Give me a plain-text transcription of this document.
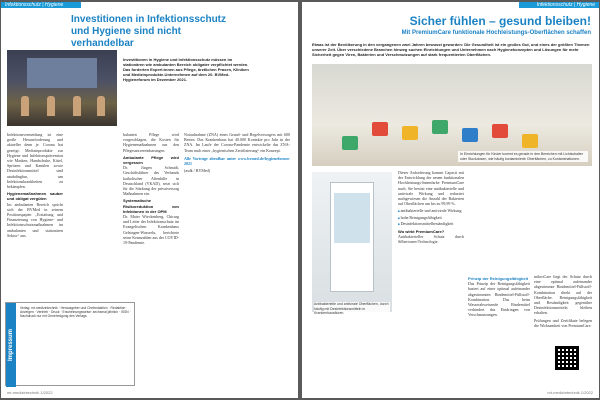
Infektionsschutz | Hygiene
Investitionen in Infektionsschutz und Hygiene sind nicht verhandelbar
Investitionen in Hygiene und Infektionsschutz müssen im stationären wie ambulanten Bereich obligater verpflichtet werden. Das forderten Expert:innen aus Pflege, ärztlichen Praxen, Kliniken und Medizinprodukte-Unternehmen auf dem 20. BVMed-Hygieneforum im Dezember 2021.
Infektionsvermeidung ist eine große Herausforderung und aktueller denn je. Corona hat gezeigt: Medizinprodukte zur Hygiene und Infektionsprävention wie Masken, Handschuhe, Kittel, Spritzen und Kanülen sowie Desinfektionsmittel sind unabdingbar, um Infektionskrankheiten zu bekämpfen.
Hygienemaßnahmen sauber und obligat vergüten
Im ambulanten Bereich spricht sich der BVMed in seinem Positionspapier „Erstattung und Finanzierung von Hygiene- und Infektionsschutzmaßnahmen im ambulanten und stationären Sektor“ aus.
bulanten Pflege wird vorgeschlagen, die Kosten für Hygienemaßnahmen aus den Pflegesatzvereinbarungen.
Ambulante Pflege wird vergessen
Dr. Jürgen Schmidt, Geschäftsführer des Verbands katholischer Altenhilfe in Deutschland (VKAD), setzt sich für die Stärkung der privatversorg Maßnahmen ein.
Systematische Risikoreduktion von Infektionen in der OPM
Dr. Maier Wieckenberg, Chirurg und Leiter der Infektionsschutz im Evangelischen Krankenhaus Gelsingen-Wasserlu, berichtete seine Kennzahlen aus der COVID-19-Pandemie.
Notaufnahme (ZNA) eines Grund- und Regelversorgers mit 600 Betten. Das Krankenhaus hat 40.000 Kontakte pro Jahr in der ZNA. Im Laufe der Corona-Pandemie entwickelte das ZNA-Team nach einer „hygienischen Zertifizierung“ ein Konzept.
Alle Vorträge abrufbar unter www.bvmed.de/hygieneforum-2021
(asdk / BVMed)
Impressum
Verlag: mt-medizintechnik · Herausgeber und Chefredaktion · Redaktion · Anzeigen · Vertrieb · Druck · Erscheinungsweise: sechsmal jährlich · ISSN · Nachdruck nur mit Genehmigung des Verlags.
mt-medizintechnik 1/2022
Infektionsschutz | Hygiene
Sicher fühlen – gesund bleiben!
Mit PremiumCare funktionale Hochleistungs-Oberflächen schaffen
Etwas ist der Bevölkerung in den vergangenen zwei Jahren bewusst geworden: Die Gesundheit ist ein großes Gut, und eines der größten Themen unserer Zeit. Über verschiedene Branchen hinweg suchen Einrichtungen und Unternehmen nach Hygienekonzepten und Lösungen für mehr Sicherheit gegen Viren, Bakterien und Verschmutzungen auf stark frequentierten Oberflächen.
In Einrichtungen für Kinder kommt es gerade in den Bereichen mit Lichtschalter oder Stockdosen, wie häufig kontaminierte Oberflächen, zu Kontaminationen.
Antibakterielle und antivirale Oberflächen, durch häufig mit Desinfektionsmitteln in Krankenhausfluren.
Dieser Anforderung kommt Capacit mit der Entwicklung der neuen funktionalen Hochleistungs-Innenfarbe PremiumCare nach. Sie besitzt eine antibakterielle und antivirale Wirkung und reduziert nachgewiesen die Anzahl der Bakterien auf Oberflächen um bis zu 99,99 %.
■ antibakterielle und antivirale Wirkung
■ hohe Reinigungsfähigkeit
■ Desinfektionsmittelbeständigkeit
Wo wirkt PremiumCare?
Antibakterieller Schutz durch Silberionen-Technologie.
Prinzip der Reinigungsfähigkeit
Das Prinzip der Reinigungsfähigkeit basiert auf einer optimal aufeinander abgestimmten Bindemittel-Füllstoff-Kombination. Das beim Wasserabweisende Bindemittel verhindert das Eindringen von Verschmutzungen.
mikroCare liegt der Schutz durch eine optimal aufeinander abgestimmte Bindemittel-Füllstoff-Kombination direkt auf der Oberfläche. Reinigungsfähigkeit und Beständigkeit gegenüber Desinfektionsmitteln bleiben erhalten.
Prüfungen und Zertifikate belegen die Wirksamkeit von PremiumCare.
mt-medizintechnik 1/2022
